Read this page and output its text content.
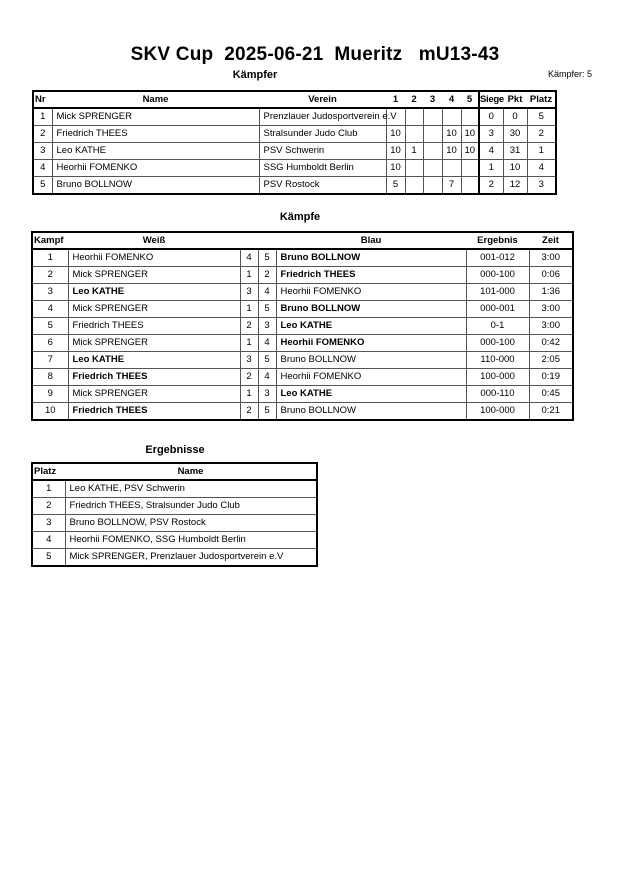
SKV Cup  2025-06-21  Mueritz   mU13-43
Kämpfer	Kämpfer: 5
Nr	Name	Verein	1	2	3	4	5	Siege	Pkt	Platz
1	Mick SPRENGER	Prenzlauer Judosportverein e.V						0	0	5
2	Friedrich THEES	Stralsunder Judo Club	10			10	10	3	30	2
3	Leo KATHE	PSV Schwerin	10	1		10	10	4	31	1
4	Heorhii FOMENKO	SSG Humboldt Berlin	10					1	10	4
5	Bruno BOLLNOW	PSV Rostock	5			7		2	12	3
Kämpfe
Kampf	Weiß			Blau	Ergebnis	Zeit
1	Heorhii FOMENKO	4	5	Bruno BOLLNOW	001-012	3:00
2	Mick SPRENGER	1	2	Friedrich THEES	000-100	0:06
3	Leo KATHE	3	4	Heorhii FOMENKO	101-000	1:36
4	Mick SPRENGER	1	5	Bruno BOLLNOW	000-001	3:00
5	Friedrich THEES	2	3	Leo KATHE	0-1	3:00
6	Mick SPRENGER	1	4	Heorhii FOMENKO	000-100	0:42
7	Leo KATHE	3	5	Bruno BOLLNOW	110-000	2:05
8	Friedrich THEES	2	4	Heorhii FOMENKO	100-000	0:19
9	Mick SPRENGER	1	3	Leo KATHE	000-110	0:45
10	Friedrich THEES	2	5	Bruno BOLLNOW	100-000	0:21
Ergebnisse
Platz	Name
1	Leo KATHE, PSV Schwerin
2	Friedrich THEES, Stralsunder Judo Club
3	Bruno BOLLNOW, PSV Rostock
4	Heorhii FOMENKO, SSG Humboldt Berlin
5	Mick SPRENGER, Prenzlauer Judosportverein e.V
